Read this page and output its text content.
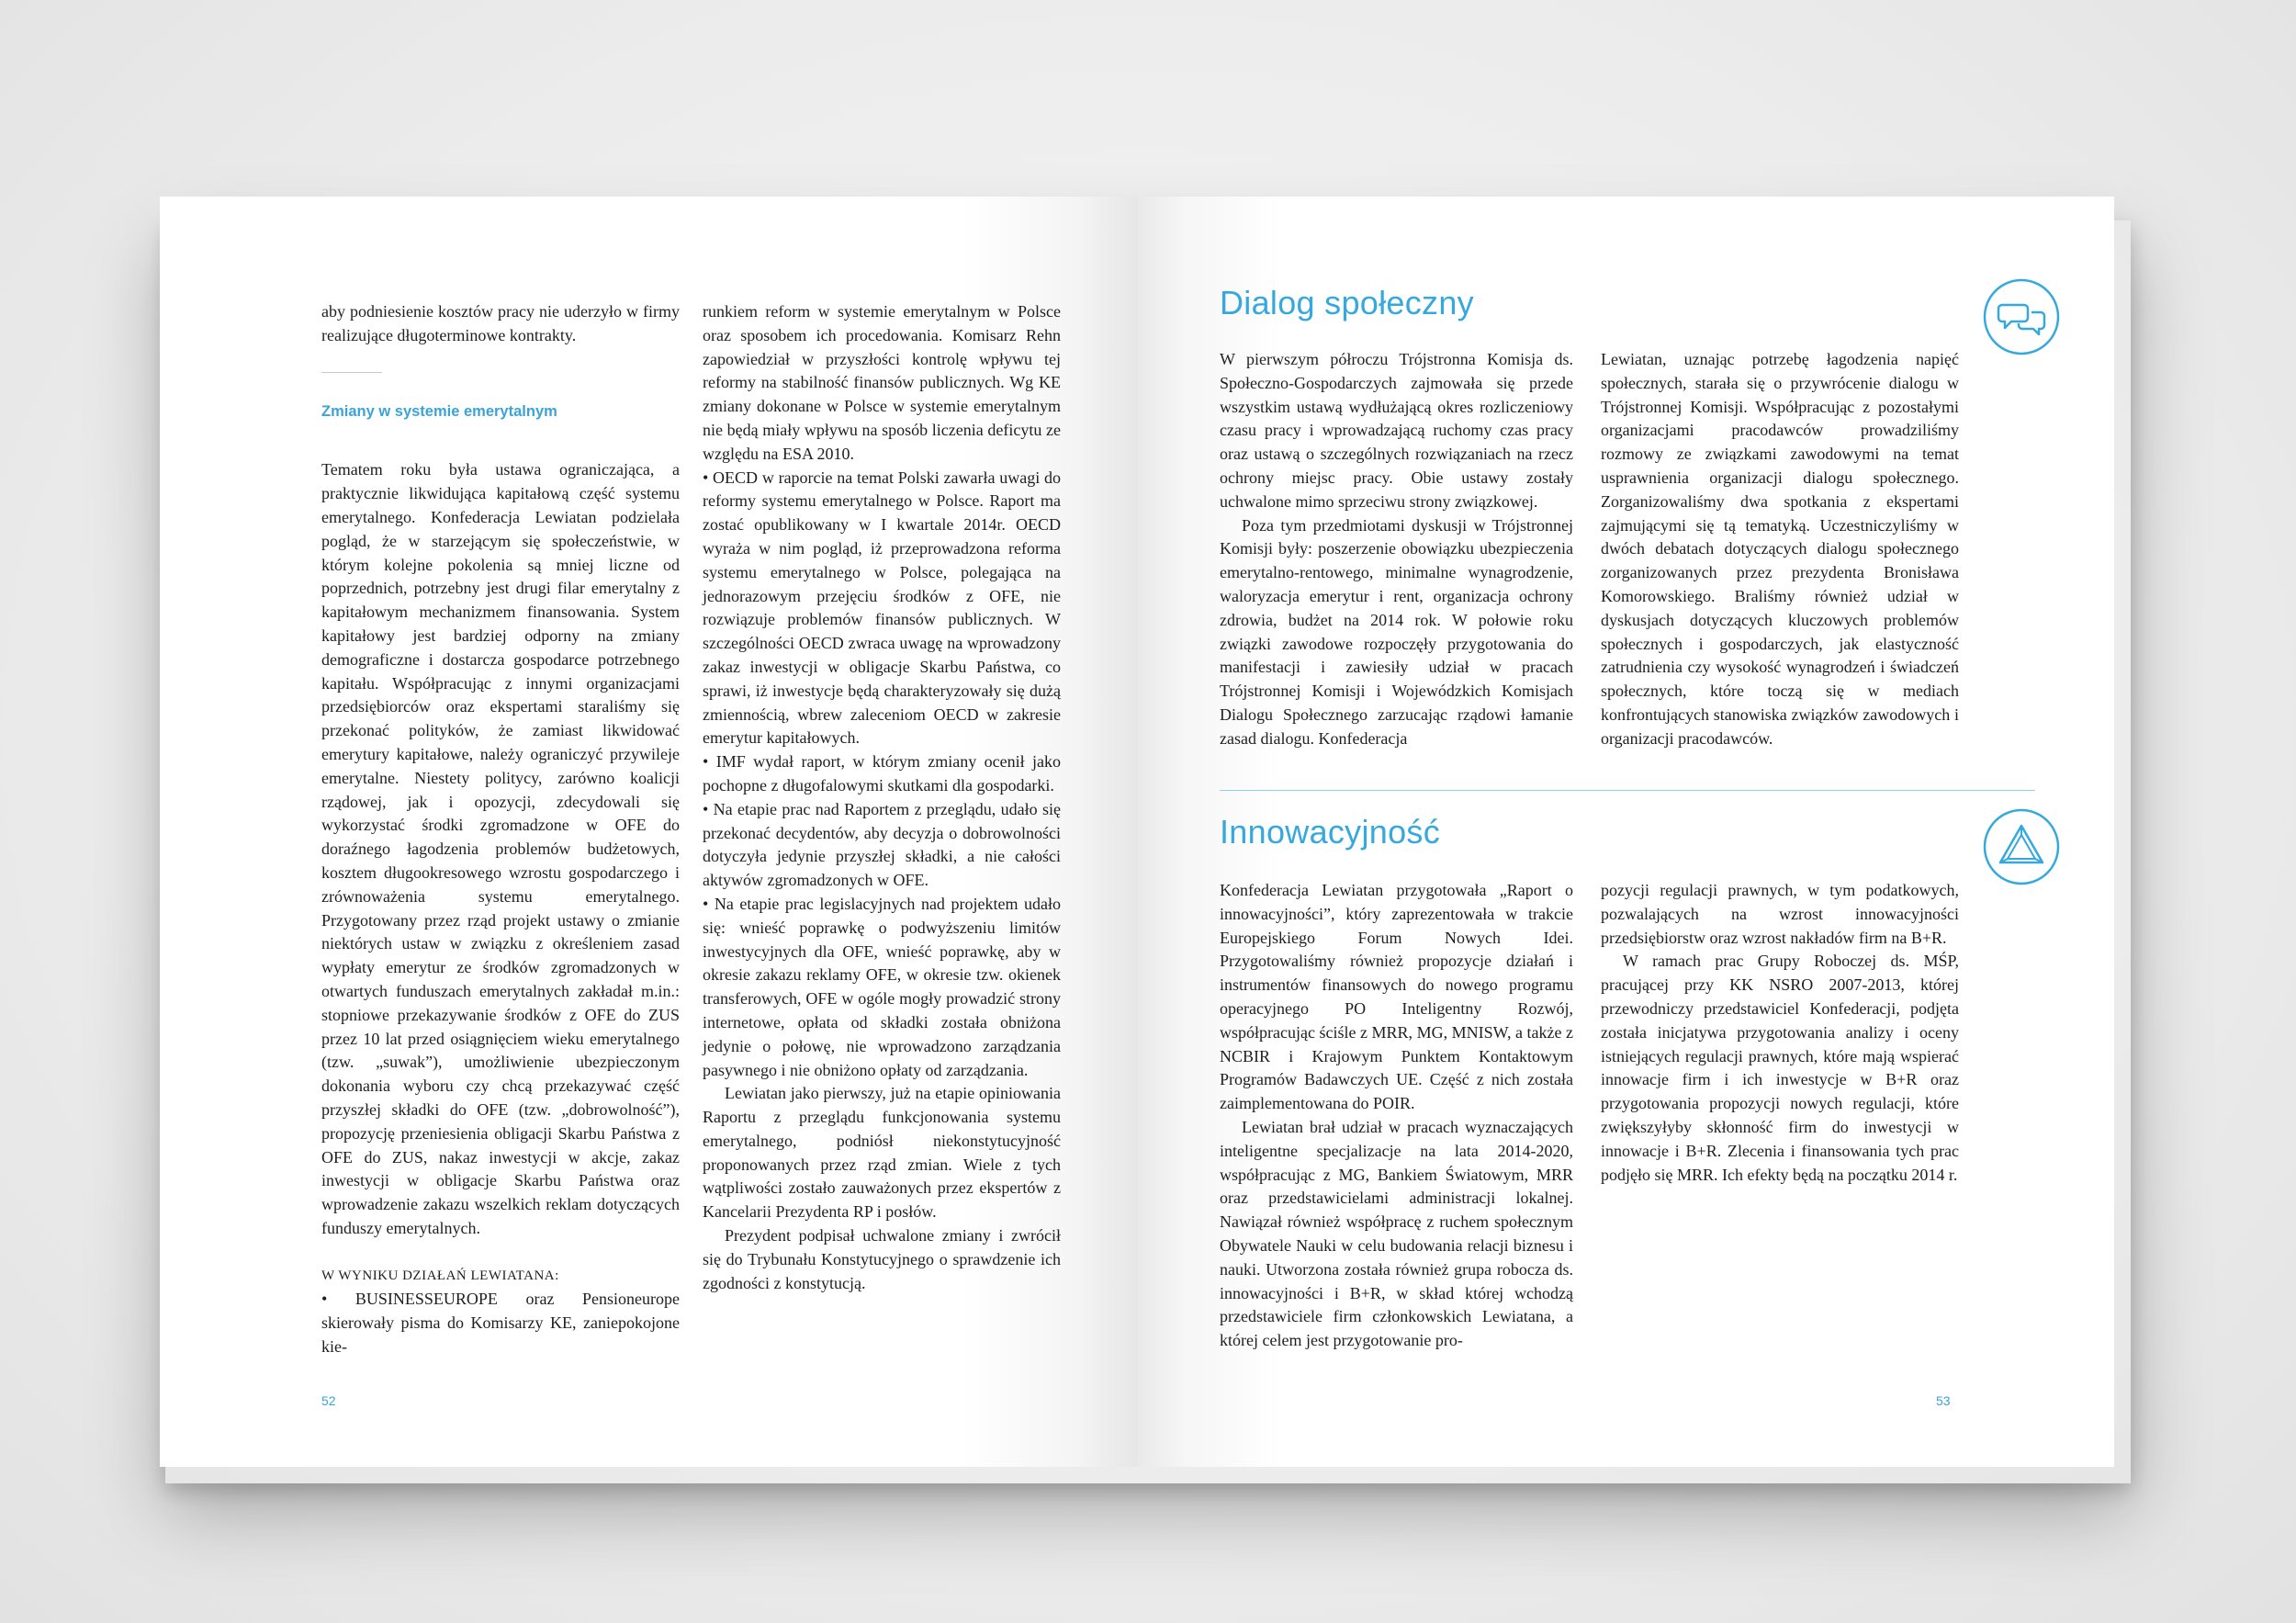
aby podniesienie kosztów pracy nie uderzyło w firmy realizujące długoterminowe kontrakty.

Zmiany w systemie emerytalnym

Tematem roku była ustawa ograniczająca, a praktycznie likwidująca kapitałową część systemu emerytalnego. Konfederacja Lewiatan podzielała pogląd, że w starzejącym się społeczeństwie, w którym kolejne pokolenia są mniej liczne od poprzednich, potrzebny jest drugi filar emerytalny z kapitałowym mechanizmem finansowania. System kapitałowy jest bardziej odporny na zmiany demograficzne i dostarcza gospodarce potrzebnego kapitału. Współpracując z innymi organizacjami przedsiębiorców oraz ekspertami staraliśmy się przekonać polityków, że zamiast likwidować emerytury kapitałowe, należy ograniczyć przywileje emerytalne. Niestety politycy, zarówno koalicji rządowej, jak i opozycji, zdecydowali się wykorzystać środki zgromadzone w OFE do doraźnego łagodzenia problemów budżetowych, kosztem długookresowego wzrostu gospodarczego i zrównoważenia systemu emerytalnego. Przygotowany przez rząd projekt ustawy o zmianie niektórych ustaw w związku z określeniem zasad wypłaty emerytur ze środków zgromadzonych w otwartych funduszach emerytalnych zakładał m.in.: stopniowe przekazywanie środków z OFE do ZUS przez 10 lat przed osiągnięciem wieku emerytalnego (tzw. „suwak”), umożliwienie ubezpieczonym dokonania wyboru czy chcą przekazywać część przyszłej składki do OFE (tzw. „dobrowolność”), propozycję przeniesienia obligacji Skarbu Państwa z OFE do ZUS, nakaz inwestycji w akcje, zakaz inwestycji w obligacje Skarbu Państwa oraz wprowadzenie zakazu wszelkich reklam dotyczących funduszy emerytalnych.

W WYNIKU DZIAŁAŃ LEWIATANA:

• BUSINESSEUROPE oraz Pensioneurope skierowały pisma do Komisarzy KE, zaniepokojone kie-

runkiem reform w systemie emerytalnym w Polsce oraz sposobem ich procedowania. Komisarz Rehn zapowiedział w przyszłości kontrolę wpływu tej reformy na stabilność finansów publicznych. Wg KE zmiany dokonane w Polsce w systemie emerytalnym nie będą miały wpływu na sposób liczenia deficytu ze względu na ESA 2010.

• OECD w raporcie na temat Polski zawarła uwagi do reformy systemu emerytalnego w Polsce. Raport ma zostać opublikowany w I kwartale 2014r. OECD wyraża w nim pogląd, iż przeprowadzona reforma systemu emerytalnego w Polsce, polegająca na jednorazowym przejęciu środków z OFE, nie rozwiązuje problemów finansów publicznych. W szczególności OECD zwraca uwagę na wprowadzony zakaz inwestycji w obligacje Skarbu Państwa, co sprawi, iż inwestycje będą charakteryzowały się dużą zmiennością, wbrew zaleceniom OECD w zakresie emerytur kapitałowych.

• IMF wydał raport, w którym zmiany ocenił jako pochopne z długofalowymi skutkami dla gospodarki.

• Na etapie prac nad Raportem z przeglądu, udało się przekonać decydentów, aby decyzja o dobrowolności dotyczyła jedynie przyszłej składki, a nie całości aktywów zgromadzonych w OFE.

• Na etapie prac legislacyjnych nad projektem udało się: wnieść poprawkę o podwyższeniu limitów inwestycyjnych dla OFE, wnieść poprawkę, aby w okresie zakazu reklamy OFE, w okresie tzw. okienek transferowych, OFE w ogóle mogły prowadzić strony internetowe, opłata od składki została obniżona jedynie o połowę, nie wprowadzono zarządzania pasywnego i nie obniżono opłaty od zarządzania.

Lewiatan jako pierwszy, już na etapie opiniowania Raportu z przeglądu funkcjonowania systemu emerytalnego, podniósł niekonstytucyjność proponowanych przez rząd zmian. Wiele z tych wątpliwości zostało zauważonych przez ekspertów z Kancelarii Prezydenta RP i posłów.

Prezydent podpisał uchwalone zmiany i zwrócił się do Trybunału Konstytucyjnego o sprawdzenie ich zgodności z konstytucją.

52
Dialog społeczny

W pierwszym półroczu Trójstronna Komisja ds. Społeczno-Gospodarczych zajmowała się przede wszystkim ustawą wydłużającą okres rozliczeniowy czasu pracy i wprowadzającą ruchomy czas pracy oraz ustawą o szczególnych rozwiązaniach na rzecz ochrony miejsc pracy. Obie ustawy zostały uchwalone mimo sprzeciwu strony związkowej.

Poza tym przedmiotami dyskusji w Trójstronnej Komisji były: poszerzenie obowiązku ubezpieczenia emerytalno-rentowego, minimalne wynagrodzenie, waloryzacja emerytur i rent, organizacja ochrony zdrowia, budżet na 2014 rok. W połowie roku związki zawodowe rozpoczęły przygotowania do manifestacji i zawiesiły udział w pracach Trójstronnej Komisji i Wojewódzkich Komisjach Dialogu Społecznego zarzucając rządowi łamanie zasad dialogu. Konfederacja

Lewiatan, uznając potrzebę łagodzenia napięć społecznych, starała się o przywrócenie dialogu w Trójstronnej Komisji. Współpracując z pozostałymi organizacjami pracodawców prowadziliśmy rozmowy ze związkami zawodowymi na temat usprawnienia organizacji dialogu społecznego. Zorganizowaliśmy dwa spotkania z ekspertami zajmującymi się tą tematyką. Uczestniczyliśmy w dwóch debatach dotyczących dialogu społecznego zorganizowanych przez prezydenta Bronisława Komorowskiego. Braliśmy również udział w dyskusjach dotyczących kluczowych problemów społecznych i gospodarczych, jak elastyczność zatrudnienia czy wysokość wynagrodzeń i świadczeń społecznych, które toczą się w mediach konfrontujących stanowiska związków zawodowych i organizacji pracodawców.

Innowacyjność

Konfederacja Lewiatan przygotowała „Raport o innowacyjności”, który zaprezentowała w trakcie Europejskiego Forum Nowych Idei. Przygotowaliśmy również propozycje działań i instrumentów finansowych do nowego programu operacyjnego PO Inteligentny Rozwój, współpracując ściśle z MRR, MG, MNISW, a także z NCBIR i Krajowym Punktem Kontaktowym Programów Badawczych UE. Część z nich została zaimplementowana do POIR.

Lewiatan brał udział w pracach wyznaczających inteligentne specjalizacje na lata 2014-2020, współpracując z MG, Bankiem Światowym, MRR oraz przedstawicielami administracji lokalnej. Nawiązał również współpracę z ruchem społecznym Obywatele Nauki w celu budowania relacji biznesu i nauki. Utworzona została również grupa robocza ds. innowacyjności i B+R, w skład której wchodzą przedstawiciele firm członkowskich Lewiatana, a której celem jest przygotowanie pro-

pozycji regulacji prawnych, w tym podatkowych, pozwalających na wzrost innowacyjności przedsiębiorstw oraz wzrost nakładów firm na B+R.

W ramach prac Grupy Roboczej ds. MŚP, pracującej przy KK NSRO 2007-2013, której przewodniczy przedstawiciel Konfederacji, podjęta została inicjatywa przygotowania analizy i oceny istniejących regulacji prawnych, które mają wspierać innowacje firm i ich inwestycje w B+R oraz przygotowania propozycji nowych regulacji, które zwiększyłyby skłonność firm do inwestycji w innowacje i B+R. Zlecenia i finansowania tych prac podjęło się MRR. Ich efekty będą na początku 2014 r.

53
